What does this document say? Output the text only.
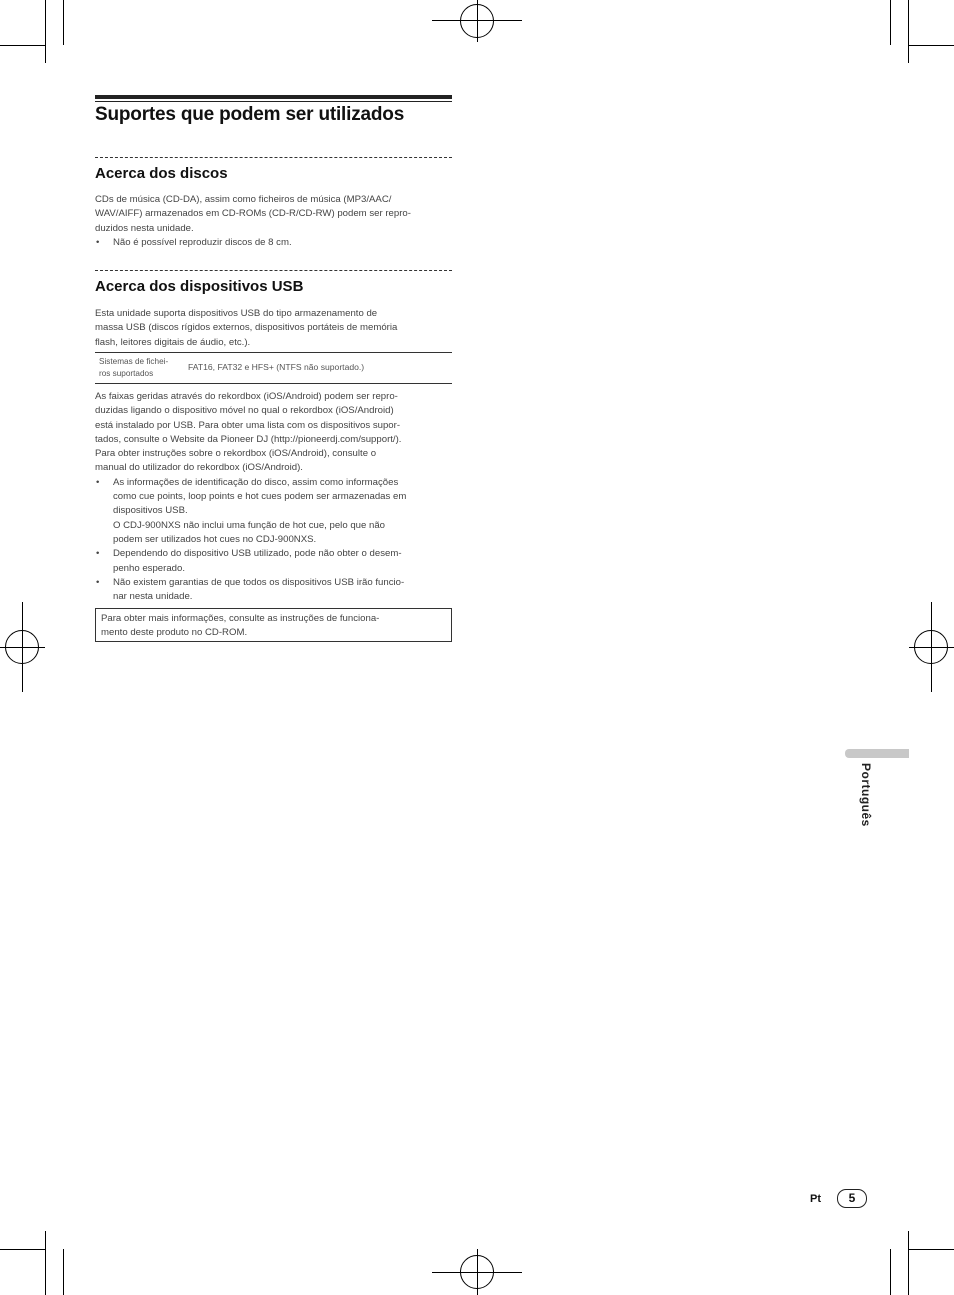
Suportes que podem ser utilizados
Acerca dos discos
CDs de música (CD-DA), assim como ficheiros de música (MP3/AAC/
WAV/AIFF) armazenados em CD-ROMs (CD-R/CD-RW) podem ser repro-
duzidos nesta unidade.
• Não é possível reproduzir discos de 8 cm.
Acerca dos dispositivos USB
Esta unidade suporta dispositivos USB do tipo armazenamento de
massa USB (discos rígidos externos, dispositivos portáteis de memória
flash, leitores digitais de áudio, etc.).
Sistemas de fichei-
ros suportados
FAT16, FAT32 e HFS+ (NTFS não suportado.)
As faixas geridas através do rekordbox (iOS/Android) podem ser repro-
duzidas ligando o dispositivo móvel no qual o rekordbox (iOS/Android)
está instalado por USB. Para obter uma lista com os dispositivos supor-
tados, consulte o Website da Pioneer DJ (http://pioneerdj.com/support/).
Para obter instruções sobre o rekordbox (iOS/Android), consulte o
manual do utilizador do rekordbox (iOS/Android).
• As informações de identificação do disco, assim como informações
como cue points, loop points e hot cues podem ser armazenadas em
dispositivos USB.
O CDJ-900NXS não inclui uma função de hot cue, pelo que não
podem ser utilizados hot cues no CDJ-900NXS.
• Dependendo do dispositivo USB utilizado, pode não obter o desem-
penho esperado.
• Não existem garantias de que todos os dispositivos USB irão funcio-
nar nesta unidade.
Para obter mais informações, consulte as instruções de funciona-
mento deste produto no CD-ROM.
Português
Pt	5
